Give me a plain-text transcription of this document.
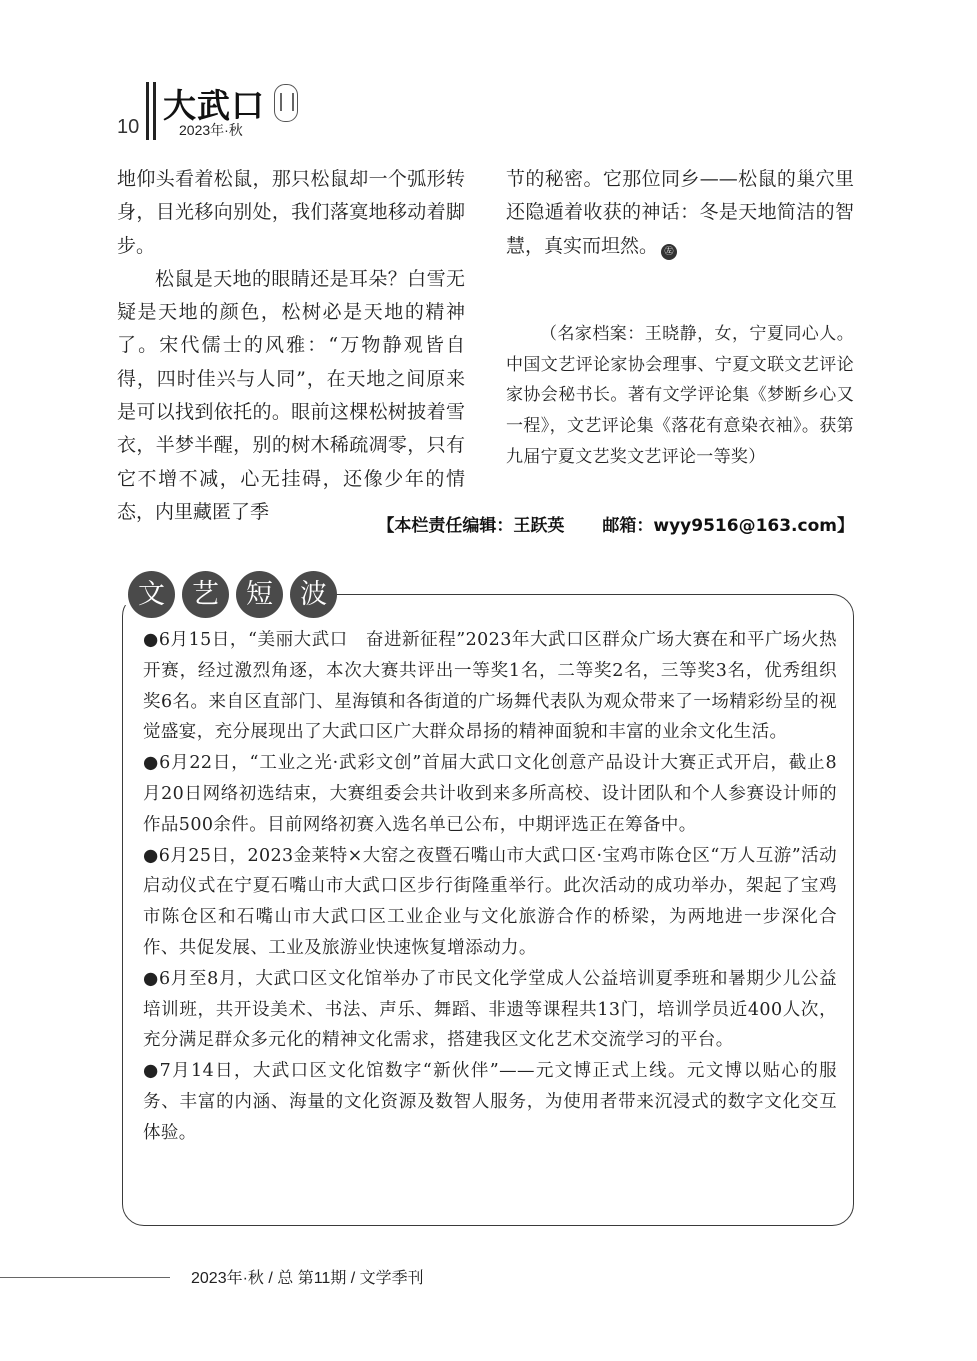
10
大武口
2023年·秋

地仰头看着松鼠，那只松鼠却一个弧形转身，目光移向别处，我们落寞地移动着脚步。

松鼠是天地的眼睛还是耳朵？白雪无疑是天地的颜色，松树必是天地的精神了。宋代儒士的风雅：“万物静观皆自得，四时佳兴与人同”，在天地之间原来是可以找到依托的。眼前这棵松树披着雪衣，半梦半醒，别的树木稀疏凋零，只有它不增不减，心无挂碍，还像少年的情态，内里藏匿了季

节的秘密。它那位同乡——松鼠的巢穴里还隐遁着收获的神话：冬是天地简洁的智慧，真实而坦然。 ㊧

（名家档案：王晓静，女，宁夏同心人。中国文艺评论家协会理事、宁夏文联文艺评论家协会秘书长。著有文学评论集《梦断乡心又一程》，文艺评论集《落花有意染衣袖》。获第九届宁夏文艺奖文艺评论一等奖）

【本栏责任编辑：王跃英 邮箱：wyy9516@163.com】
文	艺	短	波

●6月15日，“美丽大武口　奋进新征程”2023年大武口区群众广场大赛在和平广场火热开赛，经过激烈角逐，本次大赛共评出一等奖1名，二等奖2名，三等奖3名，优秀组织奖6名。来自区直部门、星海镇和各街道的广场舞代表队为观众带来了一场精彩纷呈的视觉盛宴，充分展现出了大武口区广大群众昂扬的精神面貌和丰富的业余文化生活。

●6月22日，“工业之光·武彩文创”首届大武口文化创意产品设计大赛正式开启，截止8月20日网络初选结束，大赛组委会共计收到来多所高校、设计团队和个人参赛设计师的作品500余件。目前网络初赛入选名单已公布，中期评选正在筹备中。

●6月25日，2023金莱特×大窑之夜暨石嘴山市大武口区·宝鸡市陈仓区“万人互游”活动启动仪式在宁夏石嘴山市大武口区步行街隆重举行。此次活动的成功举办，架起了宝鸡市陈仓区和石嘴山市大武口区工业企业与文化旅游合作的桥梁，为两地进一步深化合作、共促发展、工业及旅游业快速恢复增添动力。

●6月至8月，大武口区文化馆举办了市民文化学堂成人公益培训夏季班和暑期少儿公益培训班，共开设美术、书法、声乐、舞蹈、非遗等课程共13门，培训学员近400人次，充分满足群众多元化的精神文化需求，搭建我区文化艺术交流学习的平台。

●7月14日，大武口区文化馆数字“新伙伴”——元文博正式上线。元文博以贴心的服务、丰富的内涵、海量的文化资源及数智人服务，为使用者带来沉浸式的数字文化交互体验。

2023年·秋 / 总 第11期 / 文学季刊
